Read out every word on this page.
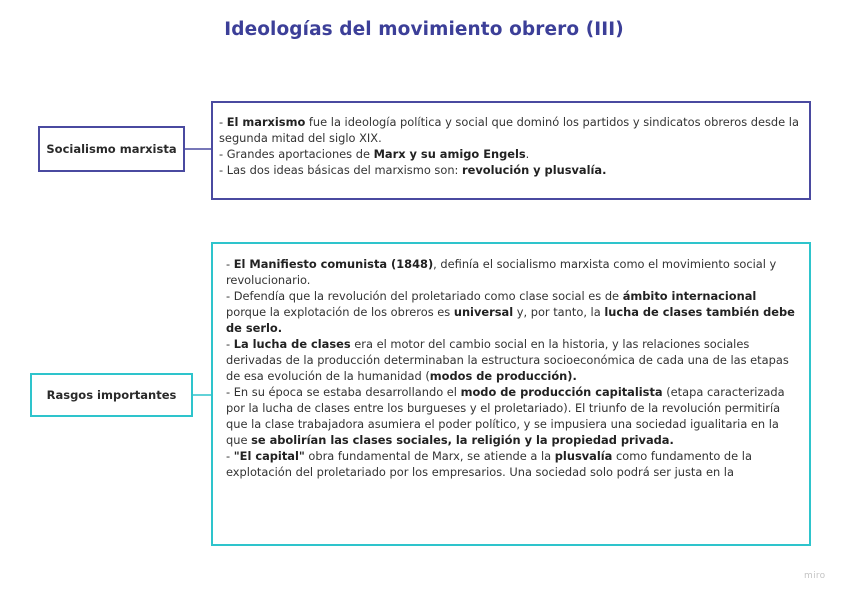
Ideologías del movimiento obrero (III)
Socialismo marxista

- El marxismo fue la ideología política y social que dominó los partidos y sindicatos obreros desde la segunda mitad del siglo XIX.

- Grandes aportaciones de Marx y su amigo Engels.

- Las dos ideas básicas del marxismo son: revolución y plusvalía.

Rasgos importantes

- El Manifiesto comunista (1848), definía el socialismo marxista como el movimiento social y revolucionario.

- Defendía que la revolución del proletariado como clase social es de ámbito internacional porque la explotación de los obreros es universal y, por tanto, la lucha de clases también debe de serlo.

- La lucha de clases era el motor del cambio social en la historia, y las relaciones sociales derivadas de la producción determinaban la estructura socioeconómica de cada una de las etapas de esa evolución de la humanidad (modos de producción).

- En su época se estaba desarrollando el modo de producción capitalista (etapa caracterizada por la lucha de clases entre los burgueses y el proletariado). El triunfo de la revolución permitiría que la clase trabajadora asumiera el poder político, y se impusiera una sociedad igualitaria en la que se abolirían las clases sociales, la religión y la propiedad privada.

- "El capital" obra fundamental de Marx, se atiende a la plusvalía como fundamento de la explotación del proletariado por los empresarios. Una sociedad solo podrá ser justa en la

miro
